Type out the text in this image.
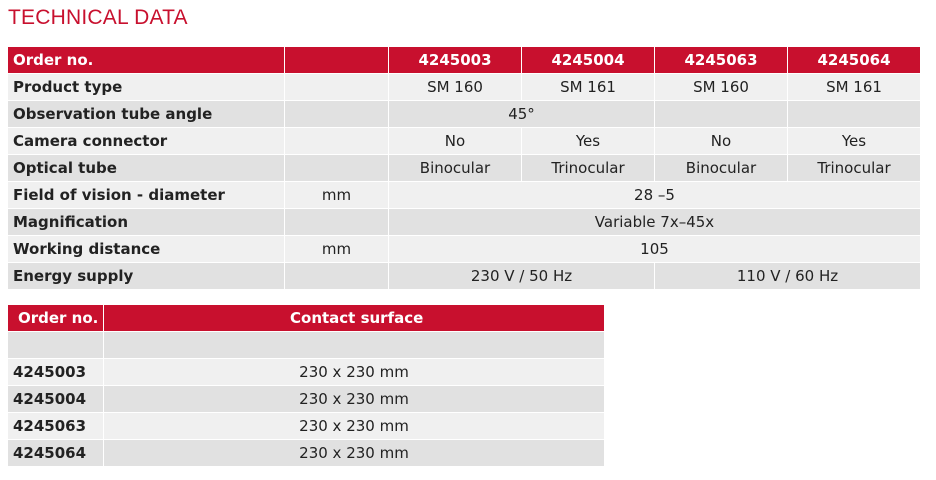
TECHNICAL DATA
Order no.		4245003	4245004	4245063	4245064
Product type		SM 160	SM 161	SM 160	SM 161
Observation tube angle		45°			
Camera connector		No	Yes	No	Yes
Optical tube		Binocular	Trinocular	Binocular	Trinocular
Field of vision - diameter	mm	28 –5			
Magnification		Variable 7x–45x			
Working distance	mm	105			
Energy supply		230 V / 50 Hz		110 V / 60 Hz	
Order no.	Contact surface

4245003	230 x 230 mm
4245004	230 x 230 mm
4245063	230 x 230 mm
4245064	230 x 230 mm
